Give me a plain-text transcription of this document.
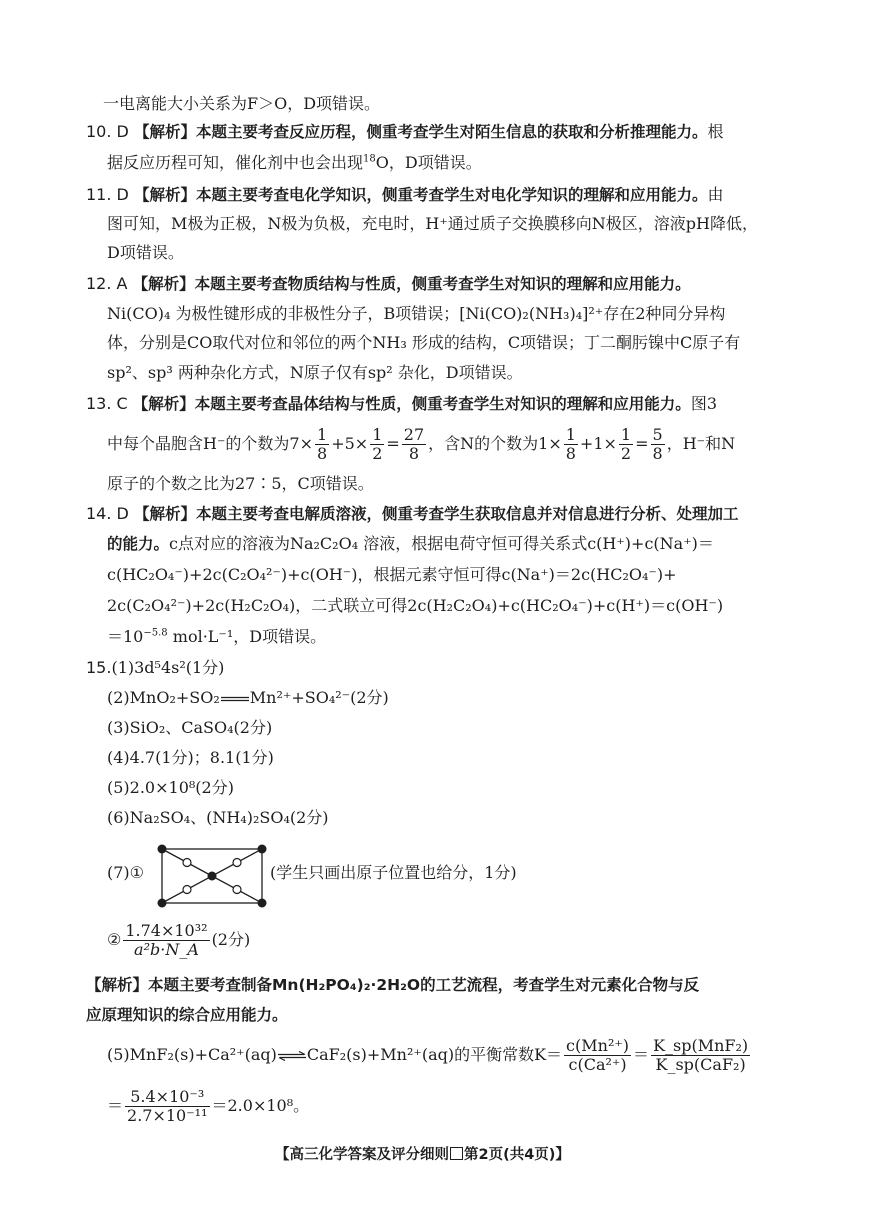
一电离能大小关系为F＞O，D项错误。
10. D 【解析】本题主要考查反应历程，侧重考查学生对陌生信息的获取和分析推理能力。根
据反应历程可知，催化剂中也会出现$^{18}$O，D项错误。
11. D 【解析】本题主要考查电化学知识，侧重考查学生对电化学知识的理解和应用能力。由
图可知，M极为正极，N极为负极，充电时，H⁺通过质子交换膜移向N极区，溶液pH降低，
D项错误。
12. A 【解析】本题主要考查物质结构与性质，侧重考查学生对知识的理解和应用能力。
Ni(CO)₄ 为极性键形成的非极性分子，B项错误；[Ni(CO)₂(NH₃)₄]²⁺存在2种同分异构
体，分别是CO取代对位和邻位的两个NH₃ 形成的结构，C项错误；丁二酮肟镍中C原子有
sp²、sp³ 两种杂化方式，N原子仅有sp² 杂化，D项错误。
13. C 【解析】本题主要考查晶体结构与性质，侧重考查学生对知识的理解和应用能力。图3
中每个晶胞含H⁻的个数为$7\times \frac{1}{8} +5\times \frac{1}{2} = \frac{27}{8}$ ，含N的个数为$1\times \frac{1}{8} +1\times \frac{1}{2} = \frac{5}{8}$ ，H⁻和N
原子的个数之比为27∶5，C项错误。
14. D 【解析】本题主要考查电解质溶液，侧重考查学生获取信息并对信息进行分析、处理加工
的能力。c点对应的溶液为Na₂C₂O₄ 溶液，根据电荷守恒可得关系式c(H⁺)+c(Na⁺)＝
c(HC₂O₄⁻)+2c(C₂O₄²⁻)+c(OH⁻)，根据元素守恒可得c(Na⁺)＝2c(HC₂O₄⁻)+
2c(C₂O₄²⁻)+2c(H₂C₂O₄)，二式联立可得2c(H₂C₂O₄)+c(HC₂O₄⁻)+c(H⁺)＝c(OH⁻)
$=10^{-5.8}$ mol·L⁻¹，D项错误。
15.(1)3d⁵4s²(1分)
(2)MnO₂+SO₂ Mn²⁺+SO₄²⁻(2分)
(3)SiO₂、CaSO₄(2分)
(4)4.7(1分)；8.1(1分)
(5)2.0×10⁸(2分)
(6)Na₂SO₄、(NH₄)₂SO₄(2分)
(7)①	(学生只画出原子位置也给分，1分)
② $\frac{\text{1.74×10³²}}{\text{a²b·N\_A}} (2$分)
【解析】本题主要考查制备Mn(H₂PO₄)₂·2H₂O的工艺流程，考查学生对元素化合物与反
应原理知识的综合应用能力。
(5)MnF₂(s)+Ca²⁺(aq)⇌CaF₂(s)+Mn²⁺(aq)的平衡常数$K= \frac{\text{c(Mn²⁺)}}{\text{c(Ca²⁺)}} = \frac{\text{K\_sp(MnF₂)}}{\text{K\_sp(CaF₂)}}$
＝ $\frac{\text{5.4×10⁻³}}{\text{2.7×10⁻¹¹}} =2.0\times 10^8$。
【高三化学答案及评分细则 第2页(共4页)】
